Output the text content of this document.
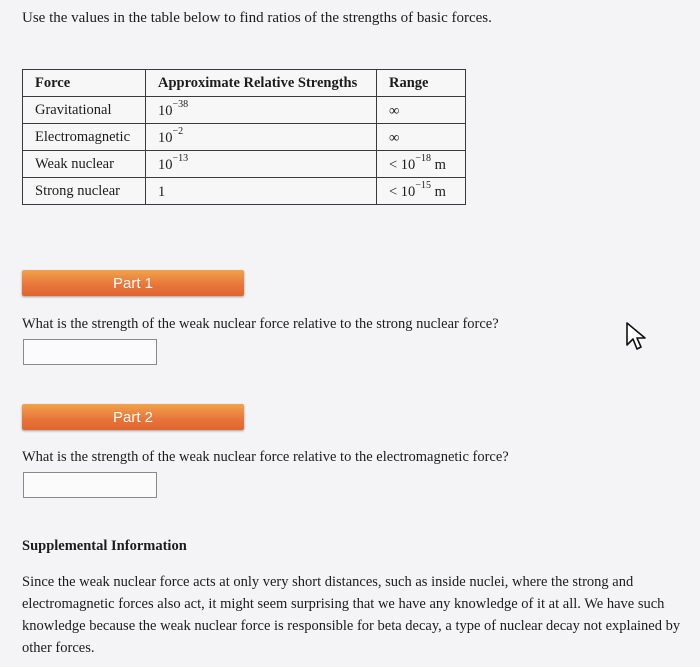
Use the values in the table below to find ratios of the strengths of basic forces.
Force	Approximate Relative Strengths	Range
Gravitational	$10^{-38}$	∞
Electromagnetic	$10^{-2}$	∞
Weak nuclear	$10^{-13}$	< $10^{-18}$ m
Strong nuclear	1	< $10^{-15}$ m
Part 1
What is the strength of the weak nuclear force relative to the strong nuclear force?
Part 2
What is the strength of the weak nuclear force relative to the electromagnetic force?
Supplemental Information
Since the weak nuclear force acts at only very short distances, such as inside nuclei, where the strong and electromagnetic forces also act, it might seem surprising that we have any knowledge of it at all. We have such knowledge because the weak nuclear force is responsible for beta decay, a type of nuclear decay not explained by other forces.
